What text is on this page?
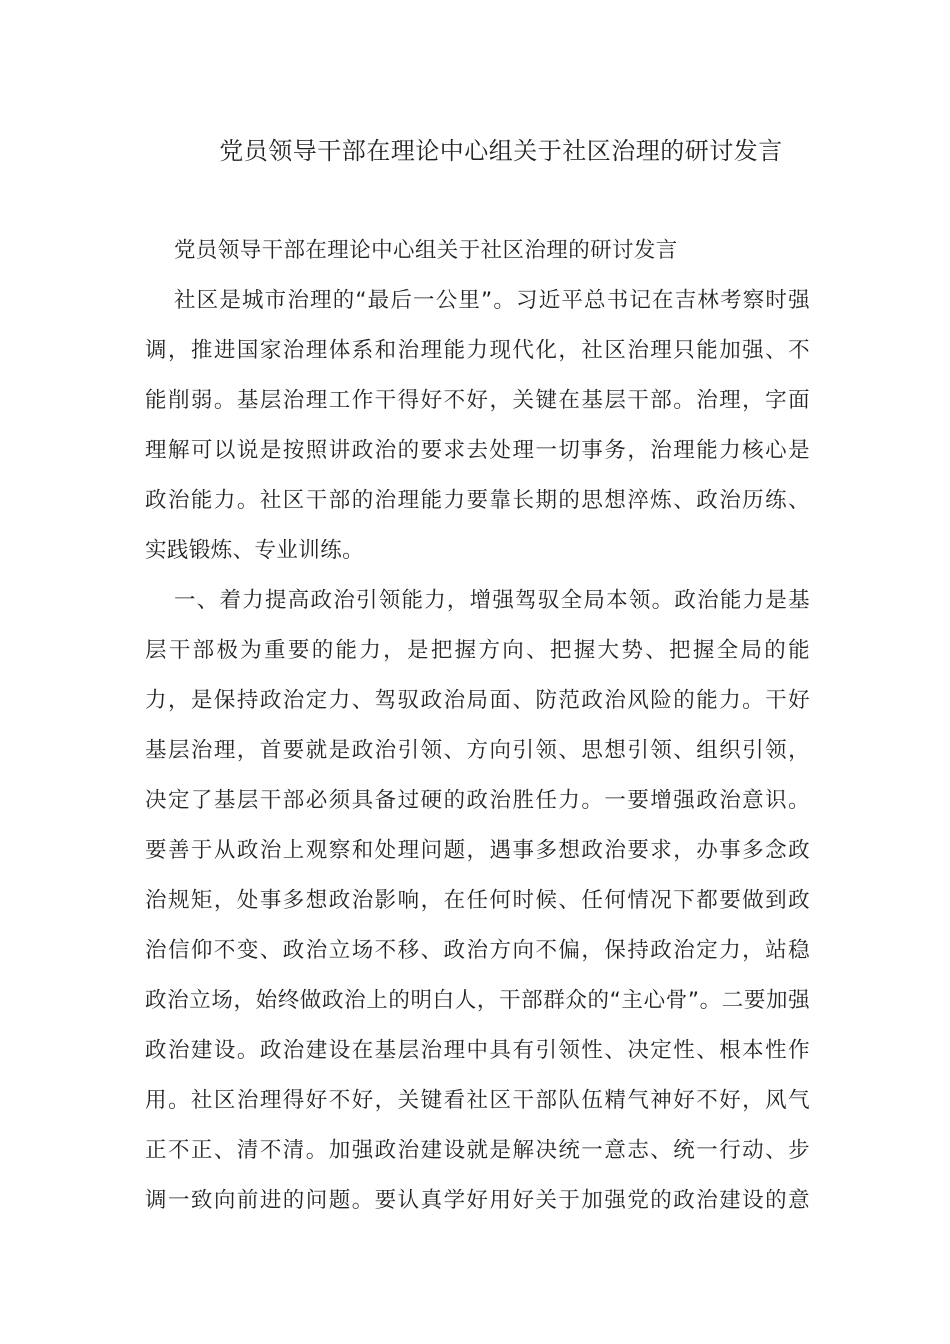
党员领导干部在理论中心组关于社区治理的研讨发言
党员领导干部在理论中心组关于社区治理的研讨发言
社区是城市治理的“最后一公里”。习近平总书记在吉林考察时强
调，推进国家治理体系和治理能力现代化，社区治理只能加强、不
能削弱。基层治理工作干得好不好，关键在基层干部。治理，字面
理解可以说是按照讲政治的要求去处理一切事务，治理能力核心是
政治能力。社区干部的治理能力要靠长期的思想淬炼、政治历练、
实践锻炼、专业训练。
一、着力提高政治引领能力，增强驾驭全局本领。政治能力是基
层干部极为重要的能力，是把握方向、把握大势、把握全局的能
力，是保持政治定力、驾驭政治局面、防范政治风险的能力。干好
基层治理，首要就是政治引领、方向引领、思想引领、组织引领，
决定了基层干部必须具备过硬的政治胜任力。一要增强政治意识。
要善于从政治上观察和处理问题，遇事多想政治要求，办事多念政
治规矩，处事多想政治影响，在任何时候、任何情况下都要做到政
治信仰不变、政治立场不移、政治方向不偏，保持政治定力，站稳
政治立场，始终做政治上的明白人，干部群众的“主心骨”。二要加强
政治建设。政治建设在基层治理中具有引领性、决定性、根本性作
用。社区治理得好不好，关键看社区干部队伍精气神好不好，风气
正不正、清不清。加强政治建设就是解决统一意志、统一行动、步
调一致向前进的问题。要认真学好用好关于加强党的政治建设的意
